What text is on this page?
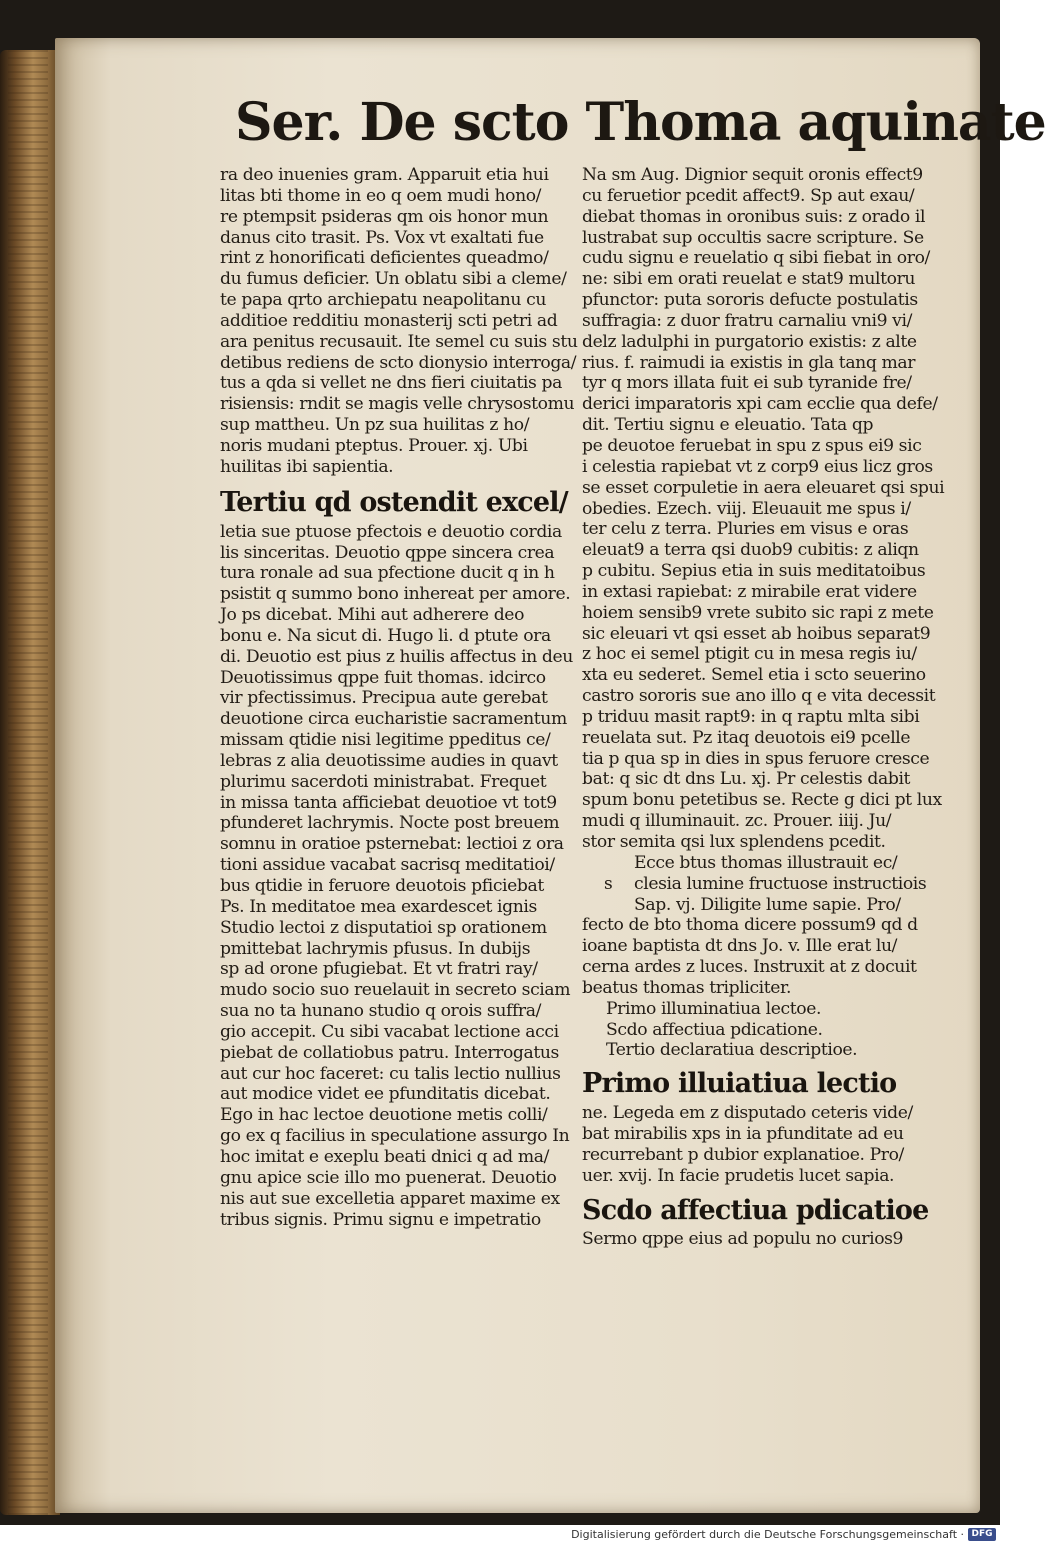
Ser. De scto Thoma aquinate
ra deo inuenies gram. Apparuit etia hui
litas bti thome in eo q oem mudi hono/
re ptempsit psideras qm ois honor mun
danus cito trasit. Ps. Vox vt exaltati fue
rint z honorificati deficientes queadmo/
du fumus deficier. Un oblatu sibi a cleme/
te papa qrto archiepatu neapolitanu cu
additioe redditiu monasterij scti petri ad
ara penitus recusauit. Ite semel cu suis stu
detibus rediens de scto dionysio interroga/
tus a qda si vellet ne dns fieri ciuitatis pa
risiensis: rndit se magis velle chrysostomu
sup mattheu. Un pz sua huilitas z ho/
noris mudani pteptus. Prouer. xj. Ubi
huilitas ibi sapientia.
Tertiu qd ostendit excel/
letia sue ptuose pfectois e deuotio cordia
lis sinceritas. Deuotio qppe sincera crea
tura ronale ad sua pfectione ducit q in h
psistit q summo bono inhereat per amore.
Jo ps dicebat. Mihi aut adherere deo
bonu e. Na sicut di. Hugo li. d ptute ora
di. Deuotio est pius z huilis affectus in deu
Deuotissimus qppe fuit thomas. idcirco
vir pfectissimus. Precipua aute gerebat
deuotione circa eucharistie sacramentum
missam qtidie nisi legitime ppeditus ce/
lebras z alia deuotissime audies in quavt
plurimu sacerdoti ministrabat. Frequet
in missa tanta afficiebat deuotioe vt tot9
pfunderet lachrymis. Nocte post breuem
somnu in oratioe psternebat: lectioi z ora
tioni assidue vacabat sacrisq meditatioi/
bus qtidie in feruore deuotois pficiebat
Ps. In meditatoe mea exardescet ignis
Studio lectoi z disputatioi sp orationem
pmittebat lachrymis pfusus. In dubijs
sp ad orone pfugiebat. Et vt fratri ray/
mudo socio suo reuelauit in secreto sciam
sua no ta hunano studio q orois suffra/
gio accepit. Cu sibi vacabat lectione acci
piebat de collatiobus patru. Interrogatus
aut cur hoc faceret: cu talis lectio nullius
aut modice videt ee pfunditatis dicebat.
Ego in hac lectoe deuotione metis colli/
go ex q facilius in speculatione assurgo In
hoc imitat e exeplu beati dnici q ad ma/
gnu apice scie illo mo puenerat. Deuotio
nis aut sue excelletia apparet maxime ex
tribus signis. Primu signu e impetratio
Na sm Aug. Dignior sequit oronis effect9
cu feruetior pcedit affect9. Sp aut exau/
diebat thomas in oronibus suis: z orado il
lustrabat sup occultis sacre scripture. Se
cudu signu e reuelatio q sibi fiebat in oro/
ne: sibi em orati reuelat e stat9 multoru
pfunctor: puta sororis defucte postulatis
suffragia: z duor fratru carnaliu vni9 vi/
delz ladulphi in purgatorio existis: z alte
rius. f. raimudi ia existis in gla tanq mar
tyr q mors illata fuit ei sub tyranide fre/
derici imparatoris xpi cam ecclie qua defe/
dit. Tertiu signu e eleuatio. Tata qp
pe deuotoe feruebat in spu z spus ei9 sic
i celestia rapiebat vt z corp9 eius licz gros
se esset corpuletie in aera eleuaret qsi spui
obedies. Ezech. viij. Eleuauit me spus i/
ter celu z terra. Pluries em visus e oras
eleuat9 a terra qsi duob9 cubitis: z aliqn
p cubitu. Sepius etia in suis meditatoibus
in extasi rapiebat: z mirabile erat videre
hoiem sensib9 vrete subito sic rapi z mete
sic eleuari vt qsi esset ab hoibus separat9
z hoc ei semel ptigit cu in mesa regis iu/
xta eu sederet. Semel etia i scto seuerino
castro sororis sue ano illo q e vita decessit
p triduu masit rapt9: in q raptu mlta sibi
reuelata sut. Pz itaq deuotois ei9 pcelle
tia p qua sp in dies in spus feruore cresce
bat: q sic dt dns Lu. xj. Pr celestis dabit
spum bonu petetibus se. Recte g dici pt lux
mudi q illuminauit. zc. Prouer. iiij. Ju/
stor semita qsi lux splendens pcedit.
s
Ecce btus thomas illustrauit ec/
clesia lumine fructuose instructiois
Sap. vj. Diligite lume sapie. Pro/
fecto de bto thoma dicere possum9 qd d
ioane baptista dt dns Jo. v. Ille erat lu/
cerna ardes z luces. Instruxit at z docuit
beatus thomas tripliciter.
Primo illuminatiua lectoe.
Scdo affectiua pdicatione.
Tertio declaratiua descriptioe.
Primo illuiatiua lectio
ne. Legeda em z disputado ceteris vide/
bat mirabilis xps in ia pfunditate ad eu
recurrebant p dubior explanatioe. Pro/
uer. xvij. In facie prudetis lucet sapia.
Scdo affectiua pdicatioe
Sermo qppe eius ad populu no curios9
Digitalisierung gefördert durch die Deutsche Forschungsgemeinschaft · DFG
